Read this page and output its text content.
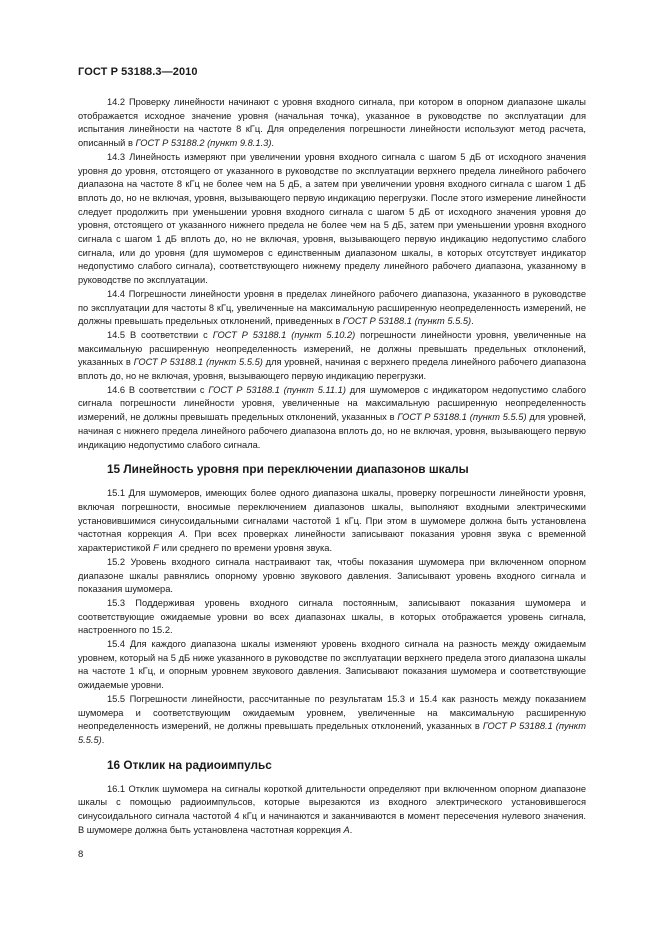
ГОСТ Р 53188.3—2010
14.2 Проверку линейности начинают с уровня входного сигнала, при котором в опорном диапазоне шкалы отображается исходное значение уровня (начальная точка), указанное в руководстве по эксплуатации для испытания линейности на частоте 8 кГц. Для определения погрешности линейности используют метод расчета, описанный в ГОСТ Р 53188.2 (пункт 9.8.1.3).
14.3 Линейность измеряют при увеличении уровня входного сигнала с шагом 5 дБ от исходного значения уровня до уровня, отстоящего от указанного в руководстве по эксплуатации верхнего предела линейного рабочего диапазона на частоте 8 кГц не более чем на 5 дБ, а затем при увеличении уровня входного сигнала с шагом 1 дБ вплоть до, но не включая, уровня, вызывающего первую индикацию перегрузки. После этого измерение линейности следует продолжить при уменьшении уровня входного сигнала с шагом 5 дБ от исходного значения уровня до уровня, отстоящего от указанного нижнего предела не более чем на 5 дБ, затем при уменьшении уровня входного сигнала с шагом 1 дБ вплоть до, но не включая, уровня, вызывающего первую индикацию недопустимо слабого сигнала, или до уровня (для шумомеров с единственным диапазоном шкалы, в которых отсутствует индикатор недопустимо слабого сигнала), соответствующего нижнему пределу линейного рабочего диапазона, указанному в руководстве по эксплуатации.
14.4 Погрешности линейности уровня в пределах линейного рабочего диапазона, указанного в руководстве по эксплуатации для частоты 8 кГц, увеличенные на максимальную расширенную неопределенность измерений, не должны превышать предельных отклонений, приведенных в ГОСТ Р 53188.1 (пункт 5.5.5).
14.5 В соответствии с ГОСТ Р 53188.1 (пункт 5.10.2) погрешности линейности уровня, увеличенные на максимальную расширенную неопределенность измерений, не должны превышать предельных отклонений, указанных в ГОСТ Р 53188.1 (пункт 5.5.5) для уровней, начиная с верхнего предела линейного рабочего диапазона вплоть до, но не включая, уровня, вызывающего первую индикацию перегрузки.
14.6 В соответствии с ГОСТ Р 53188.1 (пункт 5.11.1) для шумомеров с индикатором недопустимо слабого сигнала погрешности линейности уровня, увеличенные на максимальную расширенную неопределенность измерений, не должны превышать предельных отклонений, указанных в ГОСТ Р 53188.1 (пункт 5.5.5) для уровней, начиная с нижнего предела линейного рабочего диапазона вплоть до, но не включая, уровня, вызывающего первую индикацию недопустимо слабого сигнала.
15 Линейность уровня при переключении диапазонов шкалы
15.1 Для шумомеров, имеющих более одного диапазона шкалы, проверку погрешности линейности уровня, включая погрешности, вносимые переключением диапазонов шкалы, выполняют входными электрическими установившимися синусоидальными сигналами частотой 1 кГц. При этом в шумомере должна быть установлена частотная коррекция А. При всех проверках линейности записывают показания уровня звука с временной характеристикой F или среднего по времени уровня звука.
15.2 Уровень входного сигнала настраивают так, чтобы показания шумомера при включенном опорном диапазоне шкалы равнялись опорному уровню звукового давления. Записывают уровень входного сигнала и показания шумомера.
15.3 Поддерживая уровень входного сигнала постоянным, записывают показания шумомера и соответствующие ожидаемые уровни во всех диапазонах шкалы, в которых отображается уровень сигнала, настроенного по 15.2.
15.4 Для каждого диапазона шкалы изменяют уровень входного сигнала на разность между ожидаемым уровнем, который на 5 дБ ниже указанного в руководстве по эксплуатации верхнего предела этого диапазона шкалы на частоте 1 кГц, и опорным уровнем звукового давления. Записывают показания шумомера и соответствующие ожидаемые уровни.
15.5 Погрешности линейности, рассчитанные по результатам 15.3 и 15.4 как разность между показанием шумомера и соответствующим ожидаемым уровнем, увеличенные на максимальную расширенную неопределенность измерений, не должны превышать предельных отклонений, указанных в ГОСТ Р 53188.1 (пункт 5.5.5).
16 Отклик на радиоимпульс
16.1 Отклик шумомера на сигналы короткой длительности определяют при включенном опорном диапазоне шкалы с помощью радиоимпульсов, которые вырезаются из входного электрического установившегося синусоидального сигнала частотой 4 кГц и начинаются и заканчиваются в момент пересечения нулевого значения. В шумомере должна быть установлена частотная коррекция А.
8
